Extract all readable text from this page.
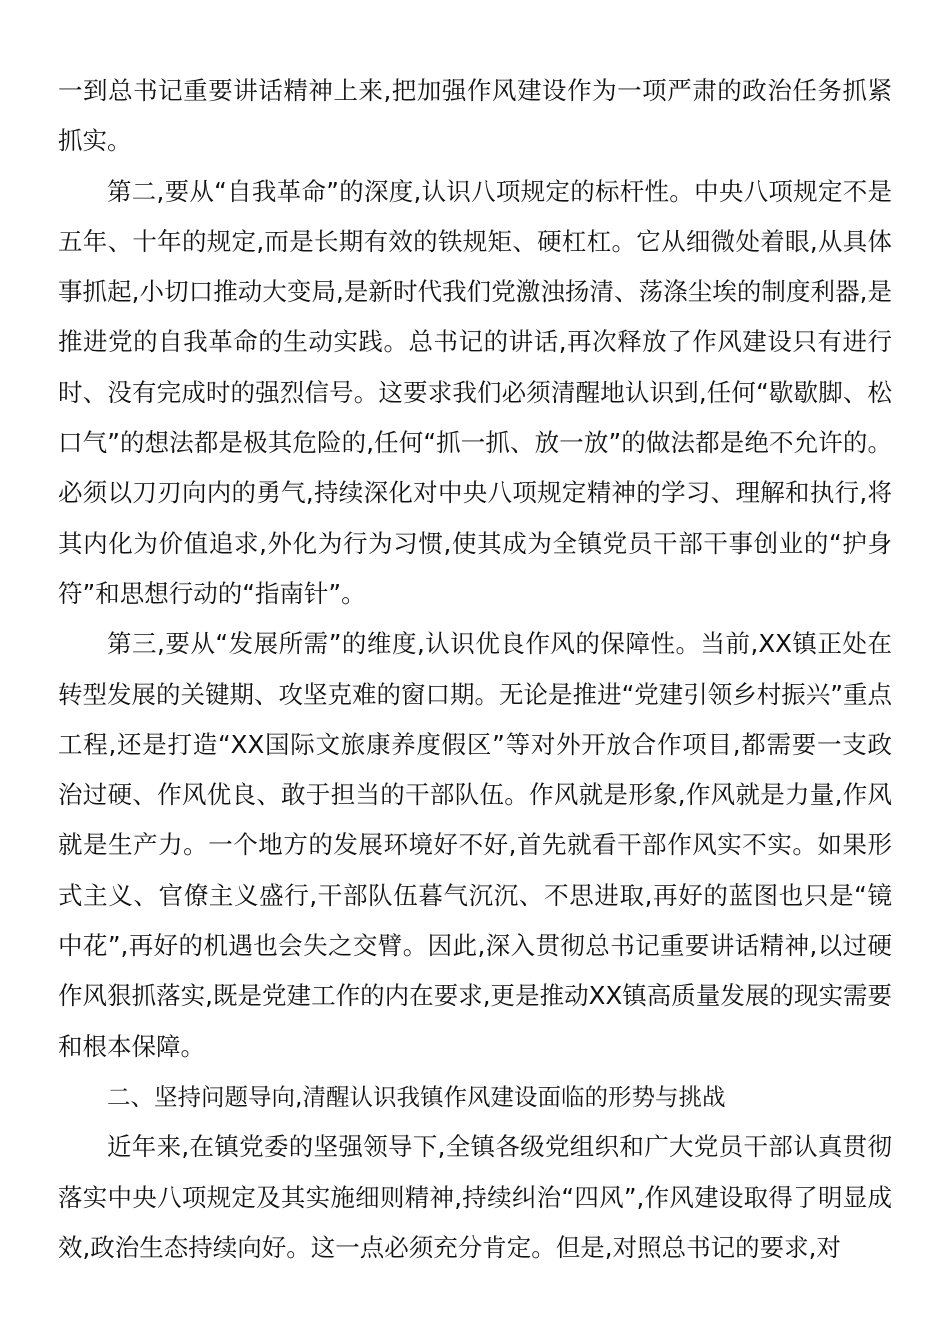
一到总书记重要讲话精神上来,把加强作风建设作为一项严肃的政治任务抓紧抓实。

第二,要从“自我革命”的深度,认识八项规定的标杆性。中央八项规定不是五年、十年的规定,而是长期有效的铁规矩、硬杠杠。它从细微处着眼,从具体事抓起,小切口推动大变局,是新时代我们党激浊扬清、荡涤尘埃的制度利器,是推进党的自我革命的生动实践。总书记的讲话,再次释放了作风建设只有进行时、没有完成时的强烈信号。这要求我们必须清醒地认识到,任何“歇歇脚、松口气”的想法都是极其危险的,任何“抓一抓、放一放”的做法都是绝不允许的。必须以刀刃向内的勇气,持续深化对中央八项规定精神的学习、理解和执行,将其内化为价值追求,外化为行为习惯,使其成为全镇党员干部干事创业的“护身符”和思想行动的“指南针”。

第三,要从“发展所需”的维度,认识优良作风的保障性。当前,XX镇正处在转型发展的关键期、攻坚克难的窗口期。无论是推进“党建引领乡村振兴”重点工程,还是打造“XX国际文旅康养度假区”等对外开放合作项目,都需要一支政治过硬、作风优良、敢于担当的干部队伍。作风就是形象,作风就是力量,作风就是生产力。一个地方的发展环境好不好,首先就看干部作风实不实。如果形式主义、官僚主义盛行,干部队伍暮气沉沉、不思进取,再好的蓝图也只是“镜中花”,再好的机遇也会失之交臂。因此,深入贯彻总书记重要讲话精神,以过硬作风狠抓落实,既是党建工作的内在要求,更是推动XX镇高质量发展的现实需要和根本保障。

二、坚持问题导向,清醒认识我镇作风建设面临的形势与挑战

近年来,在镇党委的坚强领导下,全镇各级党组织和广大党员干部认真贯彻落实中央八项规定及其实施细则精神,持续纠治“四风”,作风建设取得了明显成效,政治生态持续向好。这一点必须充分肯定。但是,对照总书记的要求,对
